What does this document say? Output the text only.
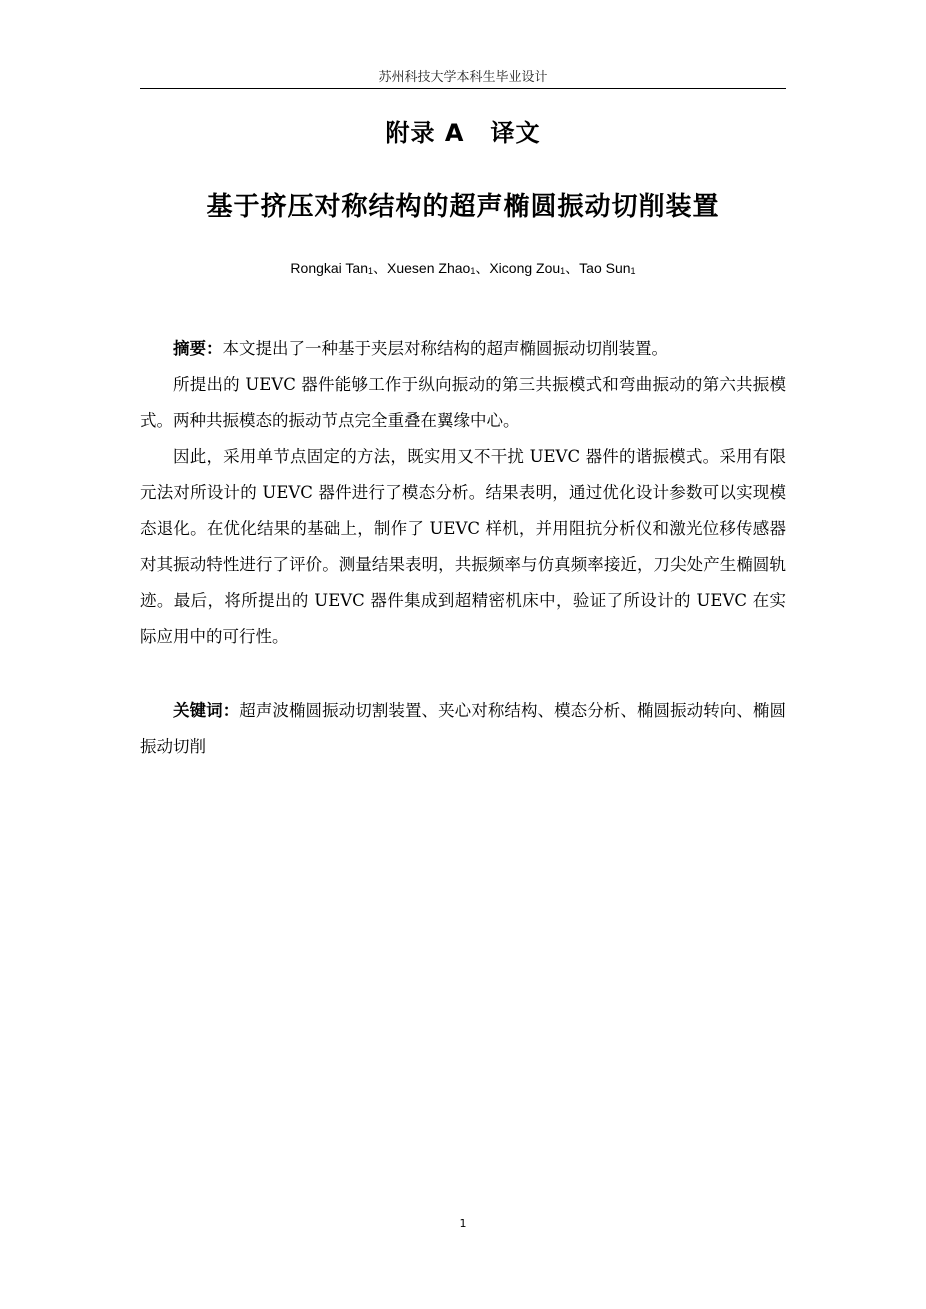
苏州科技大学本科生毕业设计
附录 A 译文
基于挤压对称结构的超声椭圆振动切削装置
Rongkai Tan$_1$、Xuesen Zhao$_1$、Xicong Zou$_1$、Tao Sun$_1$

摘要：本文提出了一种基于夹层对称结构的超声椭圆振动切削装置。

所提出的 UEVC 器件能够工作于纵向振动的第三共振模式和弯曲振动的第六共振模式。两种共振模态的振动节点完全重叠在翼缘中心。

因此，采用单节点固定的方法，既实用又不干扰 UEVC 器件的谐振模式。采用有限元法对所设计的 UEVC 器件进行了模态分析。结果表明，通过优化设计参数可以实现模态退化。在优化结果的基础上，制作了 UEVC 样机，并用阻抗分析仪和激光位移传感器对其振动特性进行了评价。测量结果表明，共振频率与仿真频率接近，刀尖处产生椭圆轨迹。最后，将所提出的 UEVC 器件集成到超精密机床中，验证了所设计的 UEVC 在实际应用中的可行性。

关键词：超声波椭圆振动切割装置、夹心对称结构、模态分析、椭圆振动转向、椭圆振动切削

1
